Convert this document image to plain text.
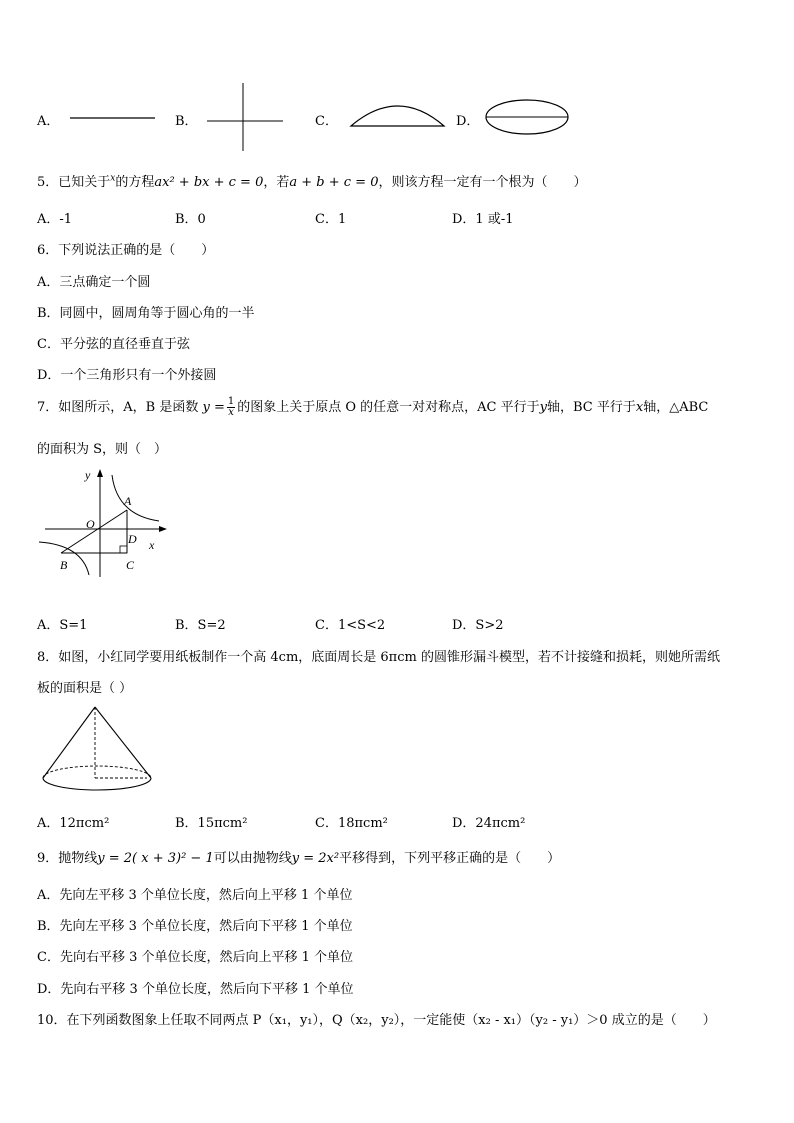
A．	B．	C．	D．
5．已知关于$^x$的方程ax² + bx + c = 0，若a + b + c = 0，则该方程一定有一个根为（　　）
A．-1	B．0	C．1	D．1 或-1
6．下列说法正确的是（　　）
A．三点确定一个圆
B．同圆中，圆周角等于圆心角的一半
C．平分弦的直径垂直于弦
D．一个三角形只有一个外接圆
7．如图所示，A，B 是函数 $y = \frac{1}{x}$ 的图象上关于原点 O 的任意一对对称点，AC 平行于y轴，BC 平行于x轴，△ABC
的面积为 S，则（　）
y
x
O
A
B	C
D
A．S=1	B．S=2	C．1<S<2	D．S>2
8．如图，小红同学要用纸板制作一个高 4cm，底面周长是 6πcm 的圆锥形漏斗模型，若不计接缝和损耗，则她所需纸
板的面积是（ ）
A．12πcm²	B．15πcm²	C．18πcm²	D．24πcm²
9．抛物线y = 2( x + 3)² − 1可以由抛物线y = 2x²平移得到，下列平移正确的是（　　）
A．先向左平移 3 个单位长度，然后向上平移 1 个单位
B．先向左平移 3 个单位长度，然后向下平移 1 个单位
C．先向右平移 3 个单位长度，然后向上平移 1 个单位
D．先向右平移 3 个单位长度，然后向下平移 1 个单位
10．在下列函数图象上任取不同两点 P（x₁，y₁），Q（x₂，y₂），一定能使（x₂ - x₁）（y₂ - y₁）＞0 成立的是（　　）
